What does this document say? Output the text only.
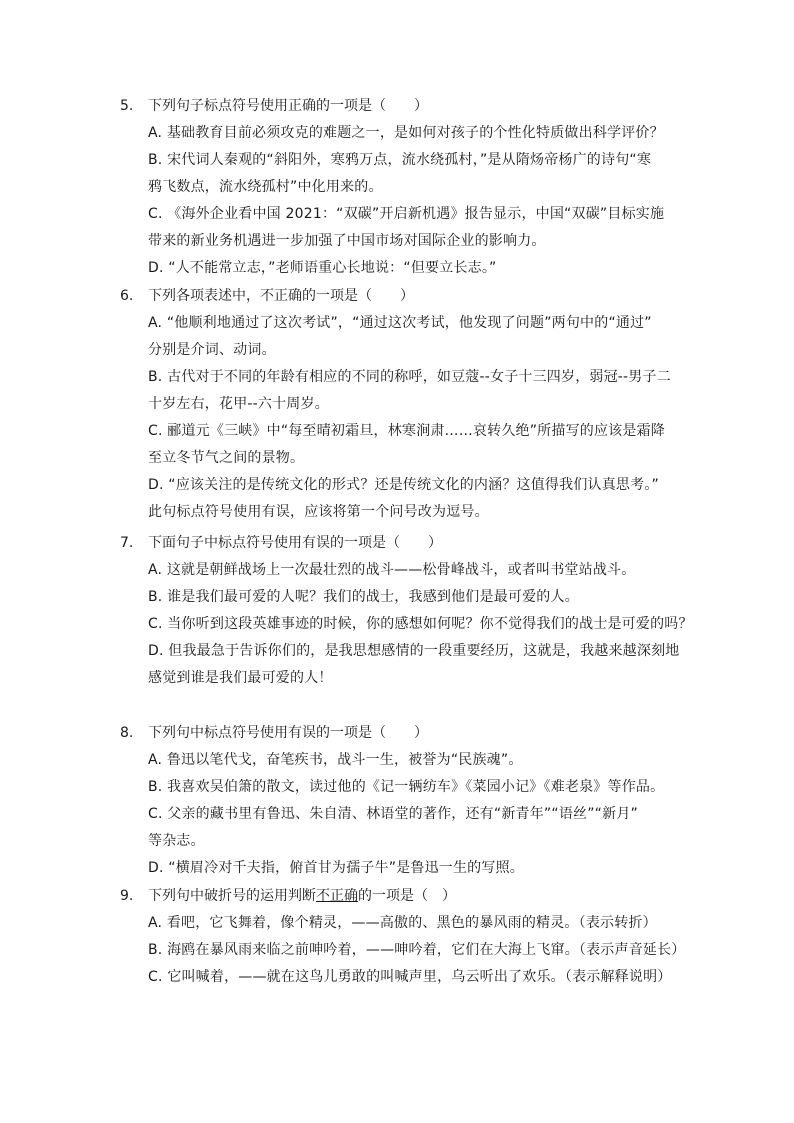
5. 下列句子标点符号使用正确的一项是（　　）
A. 基础教育目前必须攻克的难题之一，是如何对孩子的个性化特质做出科学评价？
B. 宋代词人秦观的“斜阳外，寒鸦万点，流水绕孤村，”是从隋炀帝杨广的诗句“寒
鸦飞数点，流水绕孤村”中化用来的。
C. 《海外企业看中国 2021：“双碳”开启新机遇》报告显示，中国“双碳”目标实施
带来的新业务机遇进一步加强了中国市场对国际企业的影响力。
D. “人不能常立志，”老师语重心长地说：“但要立长志。”
6. 下列各项表述中，不正确的一项是（　　）
A. “他顺利地通过了这次考试”，“通过这次考试，他发现了问题”两句中的“通过”
分别是介词、动词。
B. 古代对于不同的年龄有相应的不同的称呼，如豆蔻--女子十三四岁，弱冠--男子二
十岁左右，花甲--六十周岁。
C. 郦道元《三峡》中“每至晴初霜旦，林寒涧肃……哀转久绝”所描写的应该是霜降
至立冬节气之间的景物。
D. “应该关注的是传统文化的形式？还是传统文化的内涵？这值得我们认真思考。”
此句标点符号使用有误，应该将第一个问号改为逗号。
7. 下面句子中标点符号使用有误的一项是（　　）
A. 这就是朝鲜战场上一次最壮烈的战斗——松骨峰战斗，或者叫书堂站战斗。
B. 谁是我们最可爱的人呢？我们的战士，我感到他们是最可爱的人。
C. 当你听到这段英雄事迹的时候，你的感想如何呢？你不觉得我们的战士是可爱的吗？
D. 但我最急于告诉你们的，是我思想感情的一段重要经历，这就是，我越来越深刻地
感觉到谁是我们最可爱的人！
8. 下列句中标点符号使用有误的一项是（　　）
A. 鲁迅以笔代戈，奋笔疾书，战斗一生，被誉为“民族魂”。
B. 我喜欢吴伯箫的散文，读过他的《记一辆纺车》《菜园小记》《难老泉》等作品。
C. 父亲的藏书里有鲁迅、朱自清、林语堂的著作，还有“新青年”“语丝”“新月”
等杂志。
D. “横眉冷对千夫指，俯首甘为孺子牛”是鲁迅一生的写照。
9. 下列句中破折号的运用判断不正确的一项是（　）
A. 看吧，它飞舞着，像个精灵，——高傲的、黑色的暴风雨的精灵。（表示转折）
B. 海鸥在暴风雨来临之前呻吟着，——呻吟着，它们在大海上飞窜。（表示声音延长）
C. 它叫喊着，——就在这鸟儿勇敢的叫喊声里，乌云听出了欢乐。（表示解释说明）
